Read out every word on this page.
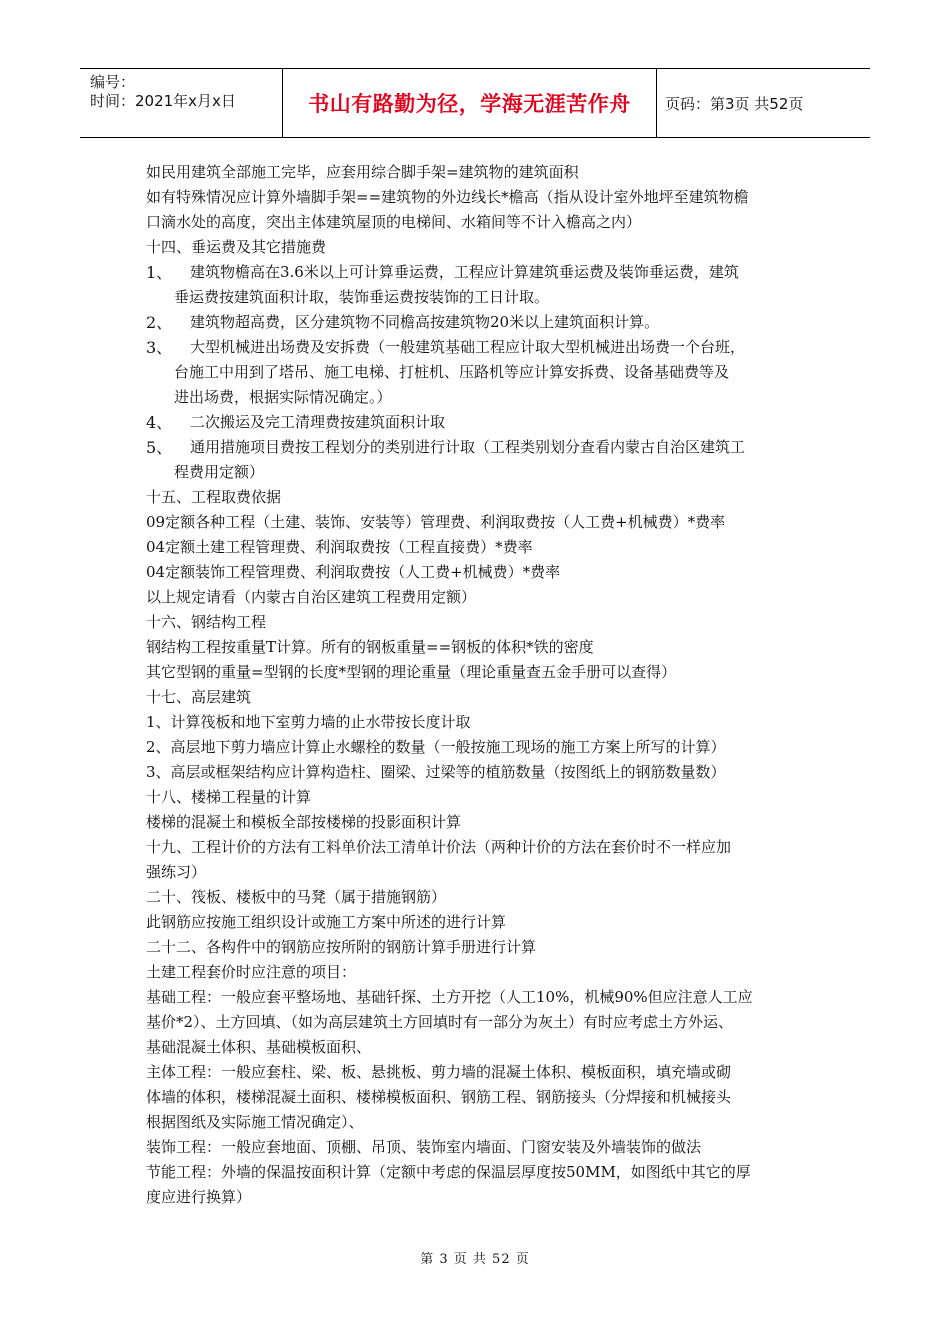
编号：
时间：2021年x月x日	书山有路勤为径，学海无涯苦作舟 页码：第3页 共52页
如民用建筑全部施工完毕，应套用综合脚手架=建筑物的建筑面积
如有特殊情况应计算外墙脚手架==建筑物的外边线长*檐高（指从设计室外地坪至建筑物檐
口滴水处的高度，突出主体建筑屋顶的电梯间、水箱间等不计入檐高之内）
十四、垂运费及其它措施费
1、	建筑物檐高在3.6米以上可计算垂运费，工程应计算建筑垂运费及装饰垂运费，建筑
垂运费按建筑面积计取，装饰垂运费按装饰的工日计取。
2、	建筑物超高费，区分建筑物不同檐高按建筑物20米以上建筑面积计算。
3、	大型机械进出场费及安拆费（一般建筑基础工程应计取大型机械进出场费一个台班，
台施工中用到了塔吊、施工电梯、打桩机、压路机等应计算安拆费、设备基础费等及
进出场费，根据实际情况确定。）
4、	二次搬运及完工清理费按建筑面积计取
5、	通用措施项目费按工程划分的类别进行计取（工程类别划分查看内蒙古自治区建筑工
程费用定额）
十五、工程取费依据
09定额各种工程（土建、装饰、安装等）管理费、利润取费按（人工费+机械费）*费率
04定额土建工程管理费、利润取费按（工程直接费）*费率
04定额装饰工程管理费、利润取费按（人工费+机械费）*费率
以上规定请看（内蒙古自治区建筑工程费用定额）
十六、钢结构工程
钢结构工程按重量T计算。所有的钢板重量==钢板的体积*铁的密度
其它型钢的重量=型钢的长度*型钢的理论重量（理论重量查五金手册可以查得）
十七、高层建筑
1、计算筏板和地下室剪力墙的止水带按长度计取
2、高层地下剪力墙应计算止水螺栓的数量（一般按施工现场的施工方案上所写的计算）
3、高层或框架结构应计算构造柱、圈梁、过梁等的植筋数量（按图纸上的钢筋数量数）
十八、楼梯工程量的计算
楼梯的混凝土和模板全部按楼梯的投影面积计算
十九、工程计价的方法有工料单价法工清单计价法（两种计价的方法在套价时不一样应加
强练习）
二十、筏板、楼板中的马凳（属于措施钢筋）
此钢筋应按施工组织设计或施工方案中所述的进行计算
二十二、各构件中的钢筋应按所附的钢筋计算手册进行计算
土建工程套价时应注意的项目：
基础工程：一般应套平整场地、基础钎探、土方开挖（人工10%，机械90%但应注意人工应
基价*2）、土方回填、（如为高层建筑土方回填时有一部分为灰土）有时应考虑土方外运、
基础混凝土体积、基础模板面积、
主体工程：一般应套柱、梁、板、悬挑板、剪力墙的混凝土体积、模板面积，填充墙或砌
体墙的体积，楼梯混凝土面积、楼梯模板面积、钢筋工程、钢筋接头（分焊接和机械接头
根据图纸及实际施工情况确定）、
装饰工程：一般应套地面、顶棚、吊顶、装饰室内墙面、门窗安装及外墙装饰的做法
节能工程：外墙的保温按面积计算（定额中考虑的保温层厚度按50MM，如图纸中其它的厚
度应进行换算）
第 3 页 共 52 页
